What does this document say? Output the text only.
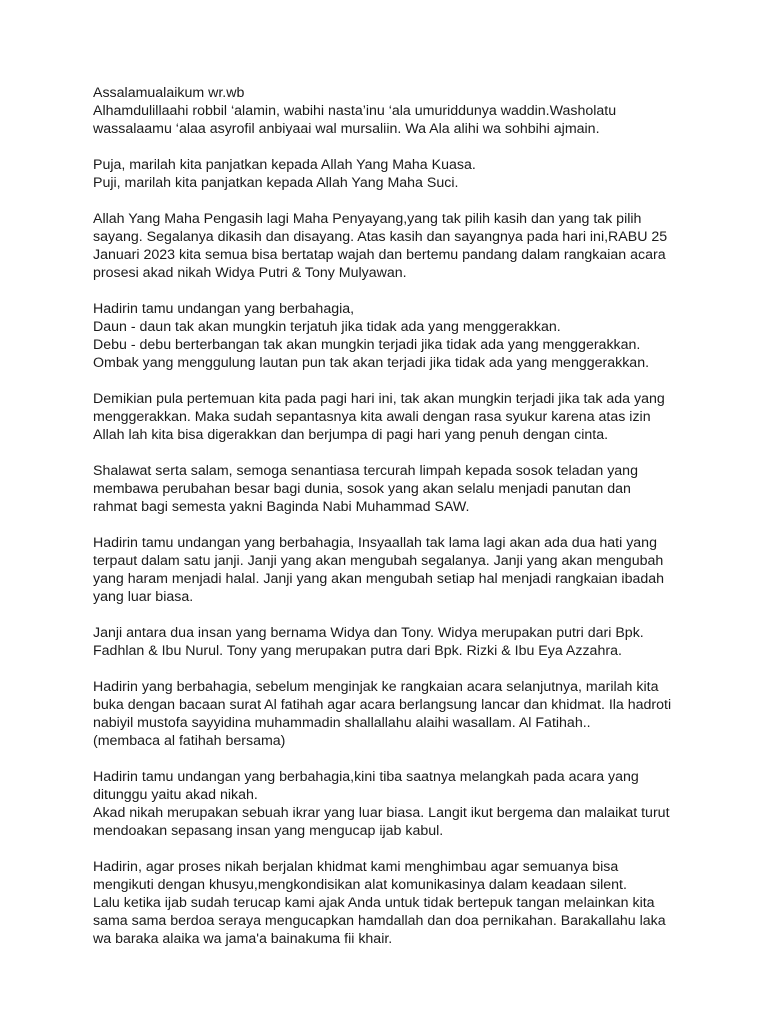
Assalamualaikum wr.wb
Alhamdulillaahi robbil ‘alamin, wabihi nasta’inu ‘ala umuriddunya waddin.Washolatu
wassalaamu ‘alaa asyrofil anbiyaai wal mursaliin. Wa Ala alihi wa sohbihi ajmain.
Puja, marilah kita panjatkan kepada Allah Yang Maha Kuasa.
Puji, marilah kita panjatkan kepada Allah Yang Maha Suci.
Allah Yang Maha Pengasih lagi Maha Penyayang,yang tak pilih kasih dan yang tak pilih
sayang. Segalanya dikasih dan disayang. Atas kasih dan sayangnya pada hari ini,RABU 25
Januari 2023 kita semua bisa bertatap wajah dan bertemu pandang dalam rangkaian acara
prosesi akad nikah Widya Putri & Tony Mulyawan.
Hadirin tamu undangan yang berbahagia,
Daun - daun tak akan mungkin terjatuh jika tidak ada yang menggerakkan.
Debu - debu berterbangan tak akan mungkin terjadi jika tidak ada yang menggerakkan.
Ombak yang menggulung lautan pun tak akan terjadi jika tidak ada yang menggerakkan.
Demikian pula pertemuan kita pada pagi hari ini, tak akan mungkin terjadi jika tak ada yang
menggerakkan. Maka sudah sepantasnya kita awali dengan rasa syukur karena atas izin
Allah lah kita bisa digerakkan dan berjumpa di pagi hari yang penuh dengan cinta.
Shalawat serta salam, semoga senantiasa tercurah limpah kepada sosok teladan yang
membawa perubahan besar bagi dunia, sosok yang akan selalu menjadi panutan dan
rahmat bagi semesta yakni Baginda Nabi Muhammad SAW.
Hadirin tamu undangan yang berbahagia, Insyaallah tak lama lagi akan ada dua hati yang
terpaut dalam satu janji. Janji yang akan mengubah segalanya. Janji yang akan mengubah
yang haram menjadi halal. Janji yang akan mengubah setiap hal menjadi rangkaian ibadah
yang luar biasa.
Janji antara dua insan yang bernama Widya dan Tony. Widya merupakan putri dari Bpk.
Fadhlan & Ibu Nurul. Tony yang merupakan putra dari Bpk. Rizki & Ibu Eya Azzahra.
Hadirin yang berbahagia, sebelum menginjak ke rangkaian acara selanjutnya, marilah kita
buka dengan bacaan surat Al fatihah agar acara berlangsung lancar dan khidmat. Ila hadroti
nabiyil mustofa sayyidina muhammadin shallallahu alaihi wasallam. Al Fatihah..
(membaca al fatihah bersama)
Hadirin tamu undangan yang berbahagia,kini tiba saatnya melangkah pada acara yang
ditunggu yaitu akad nikah.
Akad nikah merupakan sebuah ikrar yang luar biasa. Langit ikut bergema dan malaikat turut
mendoakan sepasang insan yang mengucap ijab kabul.
Hadirin, agar proses nikah berjalan khidmat kami menghimbau agar semuanya bisa
mengikuti dengan khusyu,mengkondisikan alat komunikasinya dalam keadaan silent.
Lalu ketika ijab sudah terucap kami ajak Anda untuk tidak bertepuk tangan melainkan kita
sama sama berdoa seraya mengucapkan hamdallah dan doa pernikahan. Barakallahu laka
wa baraka alaika wa jama'a bainakuma fii khair.
